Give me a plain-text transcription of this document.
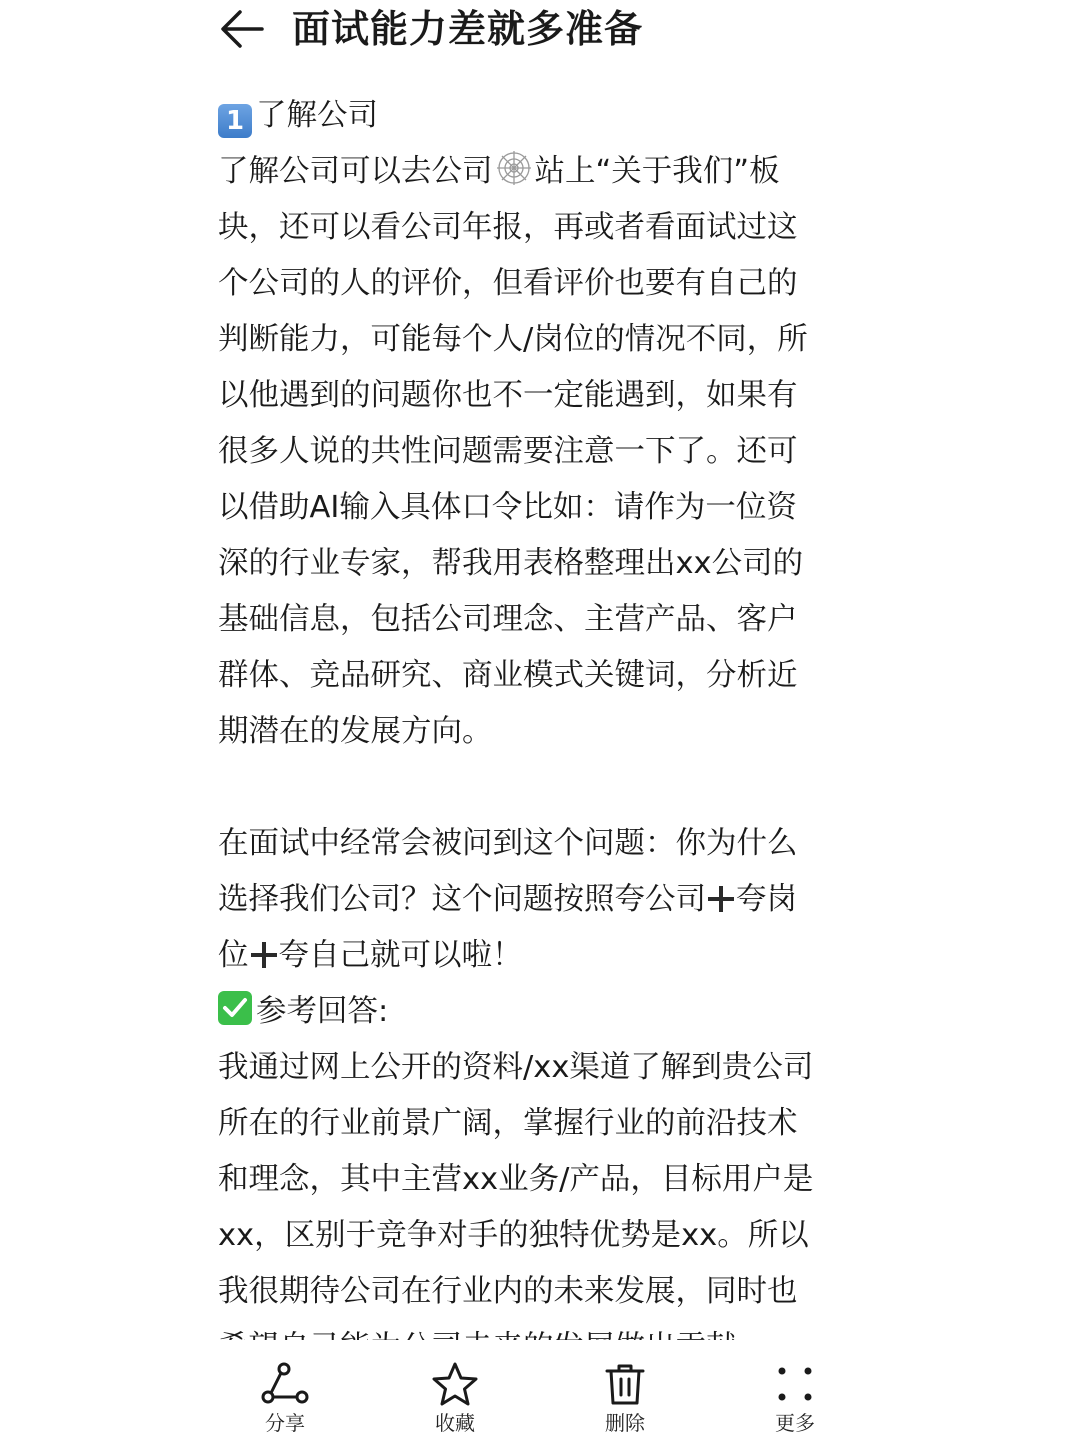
面试能力差就多准备
1 了解公司
了解公司可以去公司 站上“关于我们”板
块，还可以看公司年报，再或者看面试过这
个公司的人的评价，但看评价也要有自己的
判断能力，可能每个人/岗位的情况不同，所
以他遇到的问题你也不一定能遇到，如果有
很多人说的共性问题需要注意一下了。还可
以借助AI输入具体口令比如：请作为一位资
深的行业专家，帮我用表格整理出xx公司的
基础信息，包括公司理念、主营产品、客户
群体、竞品研究、商业模式关键词，分析近
期潜在的发展方向。
在面试中经常会被问到这个问题：你为什么
选择我们公司？这个问题按照夸公司 夸岗
位 夸自己就可以啦！
参考回答:
我通过网上公开的资料/xx渠道了解到贵公司
所在的行业前景广阔，掌握行业的前沿技术
和理念，其中主营xx业务/产品，目标用户是
xx，区别于竞争对手的独特优势是xx。所以
我很期待公司在行业内的未来发展，同时也
分享	收藏	删除	更多
